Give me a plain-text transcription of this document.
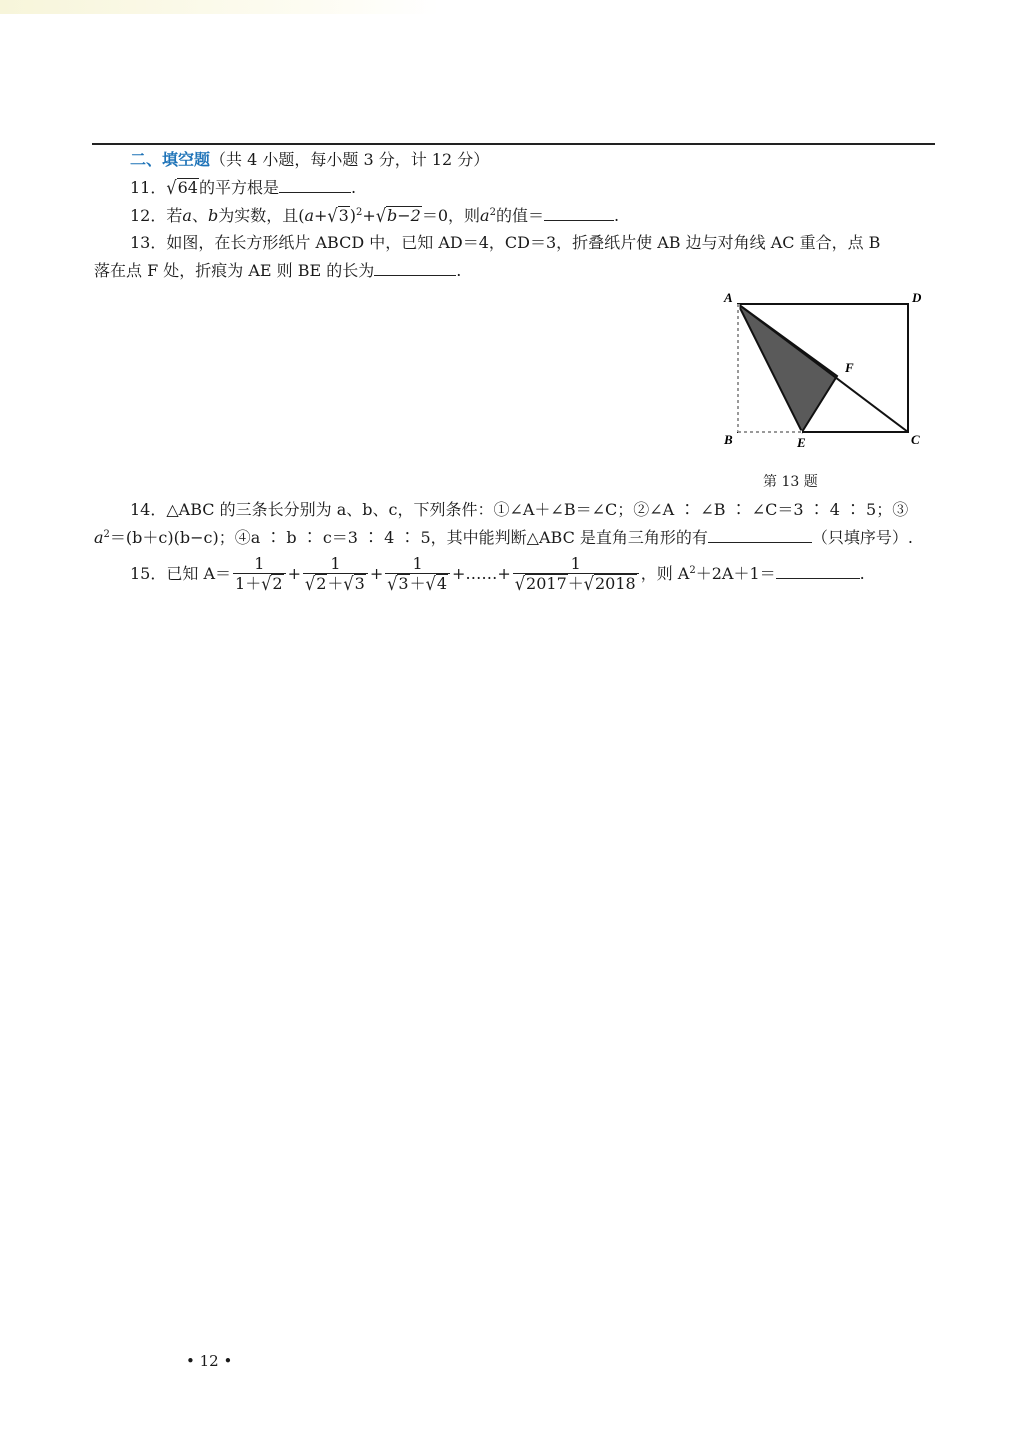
二、填空题（共 4 小题，每小题 3 分，计 12 分）
11．√64的平方根是	.
12．若a、b为实数，且$(a+√3)^2+√b-2=0$，则$a^2$的值＝	.
13．如图，在长方形纸片 ABCD 中，已知 AD＝4，CD＝3，折叠纸片使 AB 边与对角线 AC 重合，点 B
落在点 F 处，折痕为 AE 则 BE 的长为	.
A	D
F
B	E	C
第 13 题
14．△ABC 的三条长分别为 a、b、c，下列条件：①∠A＋∠B＝∠C；②∠A ∶ ∠B ∶ ∠C＝3 ∶ 4 ∶ 5；③
$a^2=(b+c)(b-c)$；④a ∶ b ∶ c＝3 ∶ 4 ∶ 5，其中能判断△ABC 是直角三角形的有	（只填序号）.
15．已知 $A= \frac{1}{1+√2} + \frac{1}{√2+√3} + \frac{1}{√3+√4}$ +……+ $\frac{1}{√2017+√2018}$ ，则 $A^2+2A+1=$	.
• 12 •
